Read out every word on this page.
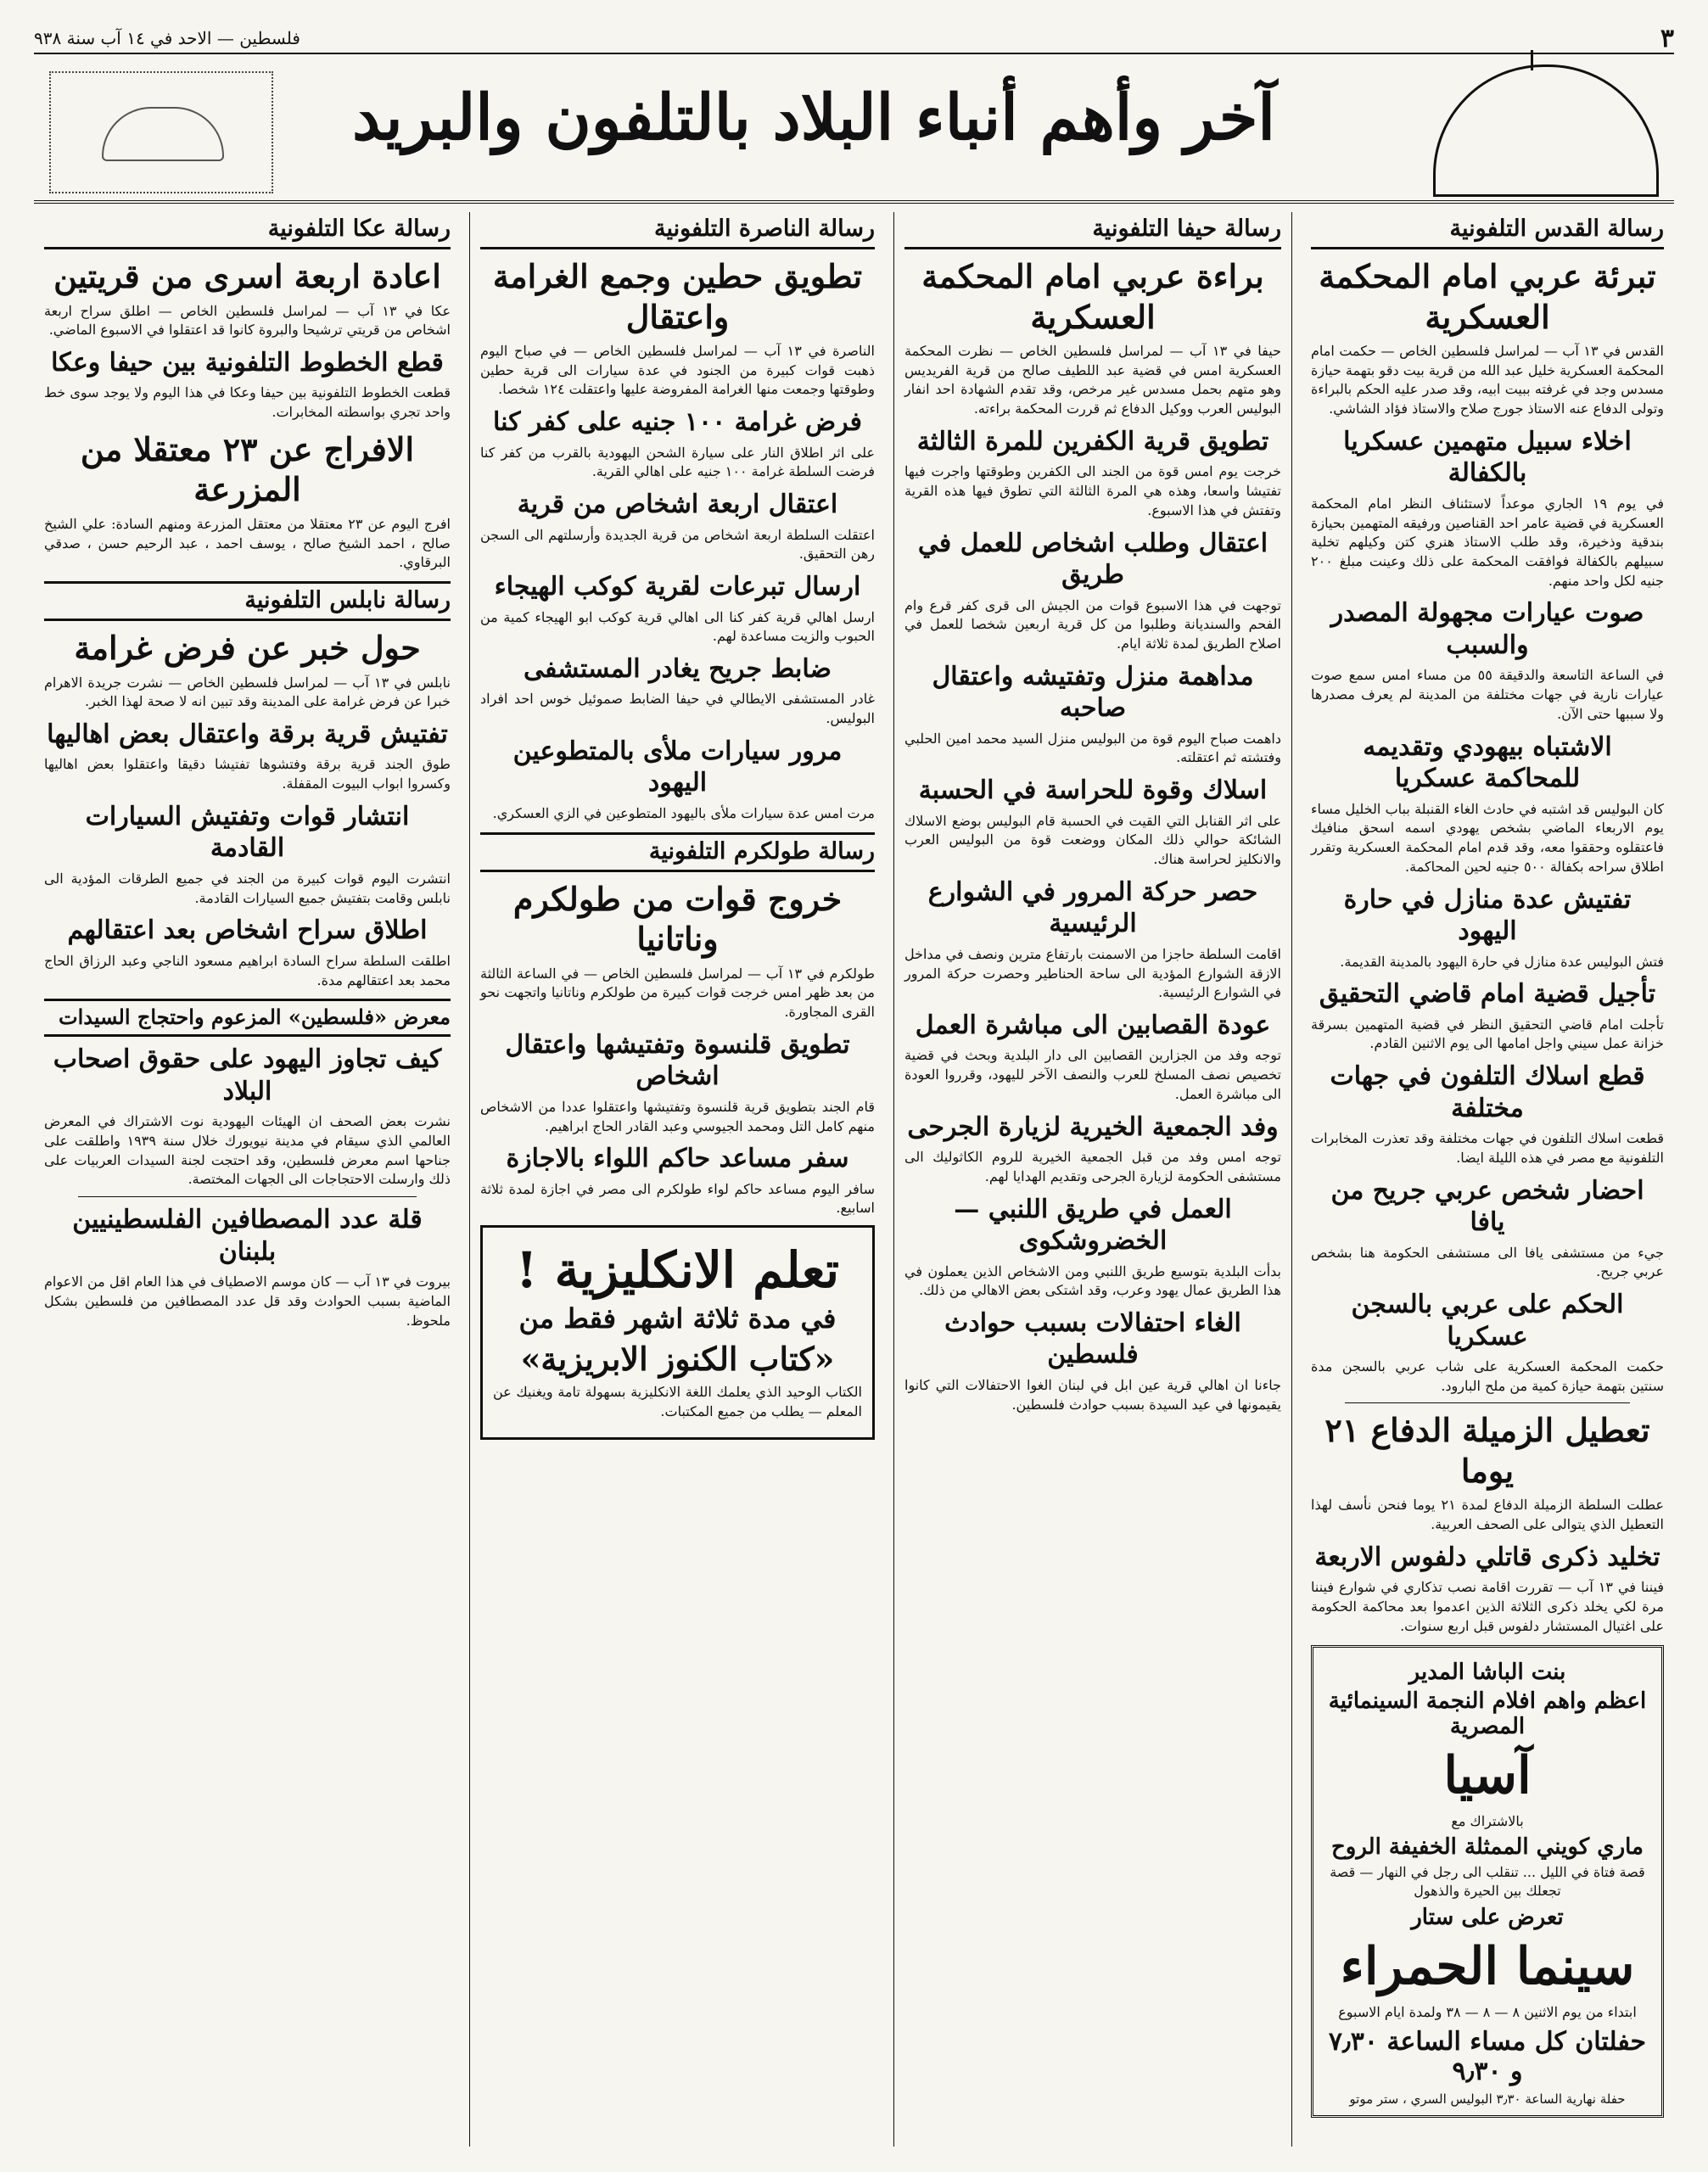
٣
فلسطين — الاحد في ١٤ آب سنة ٩٣٨
آخر وأهم أنباء البلاد بالتلفون والبريد
رسالة القدس التلفونية
تبرئة عربي امام المحكمة العسكرية

القدس في ١٣ آب — لمراسل فلسطين الخاص — حكمت امام المحكمة العسكرية خليل عبد الله من قرية بيت دقو بتهمة حيازة مسدس وجد في غرفته ببيت ابيه، وقد صدر عليه الحكم بالبراءة وتولى الدفاع عنه الاستاذ جورج صلاح والاستاذ فؤاد الشاشي.

اخلاء سبيل متهمين عسكريا بالكفالة

في يوم ١٩ الجاري موعداً لاستئناف النظر امام المحكمة العسكرية في قضية عامر احد القناصين ورفيقه المتهمين بحيازة بندقية وذخيرة، وقد طلب الاستاذ هنري كتن وكيلهم تخلية سبيلهم بالكفالة فوافقت المحكمة على ذلك وعينت مبلغ ٢٠٠ جنيه لكل واحد منهم.

صوت عيارات مجهولة المصدر والسبب

في الساعة التاسعة والدقيقة ٥٥ من مساء امس سمع صوت عيارات نارية في جهات مختلفة من المدينة لم يعرف مصدرها ولا سببها حتى الآن.

الاشتباه بيهودي وتقديمه للمحاكمة عسكريا

كان البوليس قد اشتبه في حادث الغاء القنبلة بباب الخليل مساء يوم الاربعاء الماضي بشخص يهودي اسمه اسحق منافيك فاعتقلوه وحققوا معه، وقد قدم امام المحكمة العسكرية وتقرر اطلاق سراحه بكفالة ٥٠٠ جنيه لحين المحاكمة.

تفتيش عدة منازل في حارة اليهود

فتش البوليس عدة منازل في حارة اليهود بالمدينة القديمة.

تأجيل قضية امام قاضي التحقيق

تأجلت امام قاضي التحقيق النظر في قضية المتهمين بسرقة خزانة عمل سيني واجل امامها الى يوم الاثنين القادم.

قطع اسلاك التلفون في جهات مختلفة

قطعت اسلاك التلفون في جهات مختلفة وقد تعذرت المخابرات التلفونية مع مصر في هذه الليلة ايضا.

احضار شخص عربي جريح من يافا

جيء من مستشفى يافا الى مستشفى الحكومة هنا بشخص عربي جريح.

الحكم على عربي بالسجن عسكريا

حكمت المحكمة العسكرية على شاب عربي بالسجن مدة سنتين بتهمة حيازة كمية من ملح البارود.

تعطيل الزميلة الدفاع ٢١ يوما

عطلت السلطة الزميلة الدفاع لمدة ٢١ يوما فنحن نأسف لهذا التعطيل الذي يتوالى على الصحف العربية.

تخليد ذكرى قاتلي دلفوس الاربعة

فيننا في ١٣ آب — تقررت اقامة نصب تذكاري في شوارع فيننا مرة لكي يخلد ذكرى الثلاثة الذين اعدموا بعد محاكمة الحكومة على اغتيال المستشار دلفوس قبل اربع سنوات.

بنت الباشا المدير
اعظم واهم افلام النجمة السينمائية المصرية
آسيا
بالاشتراك مع
ماري كويني الممثلة الخفيفة الروح
قصة فتاة في الليل ... تنقلب الى رجل في النهار — قصة تجعلك بين الحيرة والذهول
تعرض على ستار
سينما الحمراء
ابتداء من يوم الاثنين ٨ — ٨ — ٣٨ ولمدة ايام الاسبوع
حفلتان كل مساء الساعة ٧٫٣٠ و ٩٫٣٠
حفلة نهارية الساعة ٣٫٣٠ البوليس السري ، ستر موتو
رسالة حيفا التلفونية
براءة عربي امام المحكمة العسكرية

حيفا في ١٣ آب — لمراسل فلسطين الخاص — نظرت المحكمة العسكرية امس في قضية عبد اللطيف صالح من قرية الفريديس وهو متهم بحمل مسدس غير مرخص، وقد تقدم الشهادة احد انفار البوليس العرب ووكيل الدفاع ثم قررت المحكمة براءته.

تطويق قرية الكفرين للمرة الثالثة

خرجت يوم امس قوة من الجند الى الكفرين وطوقتها واجرت فيها تفتيشا واسعا، وهذه هي المرة الثالثة التي تطوق فيها هذه القرية وتفتش في هذا الاسبوع.

اعتقال وطلب اشخاص للعمل في طريق

توجهت في هذا الاسبوع قوات من الجيش الى قرى كفر قرع وام الفحم والسنديانة وطلبوا من كل قرية اربعين شخصا للعمل في اصلاح الطريق لمدة ثلاثة ايام.

مداهمة منزل وتفتيشه واعتقال صاحبه

داهمت صباح اليوم قوة من البوليس منزل السيد محمد امين الحلبي وفتشته ثم اعتقلته.

اسلاك وقوة للحراسة في الحسبة

على اثر القنابل التي القيت في الحسبة قام البوليس بوضع الاسلاك الشائكة حوالي ذلك المكان ووضعت قوة من البوليس العرب والانكليز لحراسة هناك.

حصر حركة المرور في الشوارع الرئيسية

اقامت السلطة حاجزا من الاسمنت بارتفاع مترين ونصف في مداخل الازقة الشوارع المؤدية الى ساحة الحناطير وحصرت حركة المرور في الشوارع الرئيسية.

عودة القصابين الى مباشرة العمل

توجه وفد من الجزارين القصابين الى دار البلدية وبحث في قضية تخصيص نصف المسلخ للعرب والنصف الآخر لليهود، وقرروا العودة الى مباشرة العمل.

وفد الجمعية الخيرية لزيارة الجرحى

توجه امس وفد من قبل الجمعية الخيرية للروم الكاثوليك الى مستشفى الحكومة لزيارة الجرحى وتقديم الهدايا لهم.

العمل في طريق اللنبي — الخضروشكوى

بدأت البلدية بتوسيع طريق اللنبي ومن الاشخاص الذين يعملون في هذا الطريق عمال يهود وعرب، وقد اشتكى بعض الاهالي من ذلك.

الغاء احتفالات بسبب حوادث فلسطين

جاءنا ان اهالي قرية عين ابل في لبنان الغوا الاحتفالات التي كانوا يقيمونها في عيد السيدة بسبب حوادث فلسطين.

رسالة الناصرة التلفونية
تطويق حطين وجمع الغرامة واعتقال

الناصرة في ١٣ آب — لمراسل فلسطين الخاص — في صباح اليوم ذهبت قوات كبيرة من الجنود في عدة سيارات الى قرية حطين وطوقتها وجمعت منها الغرامة المفروضة عليها واعتقلت ١٢٤ شخصا.

فرض غرامة ١٠٠ جنيه على كفر كنا

على اثر اطلاق النار على سيارة الشحن اليهودية بالقرب من كفر كنا فرضت السلطة غرامة ١٠٠ جنيه على اهالي القرية.

اعتقال اربعة اشخاص من قرية

اعتقلت السلطة اربعة اشخاص من قرية الجديدة وأرسلتهم الى السجن رهن التحقيق.

ارسال تبرعات لقرية كوكب الهيجاء

ارسل اهالي قرية كفر كنا الى اهالي قرية كوكب ابو الهيجاء كمية من الحبوب والزيت مساعدة لهم.

ضابط جريح يغادر المستشفى

غادر المستشفى الايطالي في حيفا الضابط صموئيل خوس احد افراد البوليس.

مرور سيارات ملأى بالمتطوعين اليهود

مرت امس عدة سيارات ملأى باليهود المتطوعين في الزي العسكري.

رسالة طولكرم التلفونية
خروج قوات من طولكرم وناتانيا

طولكرم في ١٣ آب — لمراسل فلسطين الخاص — في الساعة الثالثة من بعد ظهر امس خرجت قوات كبيرة من طولكرم وناتانيا واتجهت نحو القرى المجاورة.

تطويق قلنسوة وتفتيشها واعتقال اشخاص

قام الجند بتطويق قرية قلنسوة وتفتيشها واعتقلوا عددا من الاشخاص منهم كامل التل ومحمد الجيوسي وعبد القادر الحاج ابراهيم.

سفر مساعد حاكم اللواء بالاجازة

سافر اليوم مساعد حاكم لواء طولكرم الى مصر في اجازة لمدة ثلاثة اسابيع.

تعلم الانكليزية !
في مدة ثلاثة اشهر فقط من
«كتاب الكنوز الابريزية»

الكتاب الوحيد الذي يعلمك اللغة الانكليزية بسهولة تامة ويغنيك عن المعلم — يطلب من جميع المكتبات.

رسالة عكا التلفونية
اعادة اربعة اسرى من قريتين

عكا في ١٣ آب — لمراسل فلسطين الخاص — اطلق سراح اربعة اشخاص من قريتي ترشيحا والبروة كانوا قد اعتقلوا في الاسبوع الماضي.

قطع الخطوط التلفونية بين حيفا وعكا

قطعت الخطوط التلفونية بين حيفا وعكا في هذا اليوم ولا يوجد سوى خط واحد تجري بواسطته المخابرات.

الافراج عن ٢٣ معتقلا من المزرعة

افرج اليوم عن ٢٣ معتقلا من معتقل المزرعة ومنهم السادة: علي الشيخ صالح ، احمد الشيخ صالح ، يوسف احمد ، عبد الرحيم حسن ، صدقي البرقاوي.

رسالة نابلس التلفونية
حول خبر عن فرض غرامة

نابلس في ١٣ آب — لمراسل فلسطين الخاص — نشرت جريدة الاهرام خبرا عن فرض غرامة على المدينة وقد تبين انه لا صحة لهذا الخبر.

تفتيش قرية برقة واعتقال بعض اهاليها

طوق الجند قرية برقة وفتشوها تفتيشا دقيقا واعتقلوا بعض اهاليها وكسروا ابواب البيوت المقفلة.

انتشار قوات وتفتيش السيارات القادمة

انتشرت اليوم قوات كبيرة من الجند في جميع الطرقات المؤدية الى نابلس وقامت بتفتيش جميع السيارات القادمة.

اطلاق سراح اشخاص بعد اعتقالهم

اطلقت السلطة سراح السادة ابراهيم مسعود الناجي وعبد الرزاق الحاج محمد بعد اعتقالهم مدة.

معرض «فلسطين» المزعوم واحتجاج السيدات
كيف تجاوز اليهود على حقوق اصحاب البلاد

نشرت بعض الصحف ان الهيئات اليهودية نوت الاشتراك في المعرض العالمي الذي سيقام في مدينة نيويورك خلال سنة ١٩٣٩ واطلقت على جناحها اسم معرض فلسطين، وقد احتجت لجنة السيدات العربيات على ذلك وارسلت الاحتجاجات الى الجهات المختصة.

قلة عدد المصطافين الفلسطينيين بلبنان

بيروت في ١٣ آب — كان موسم الاصطياف في هذا العام اقل من الاعوام الماضية بسبب الحوادث وقد قل عدد المصطافين من فلسطين بشكل ملحوظ.
